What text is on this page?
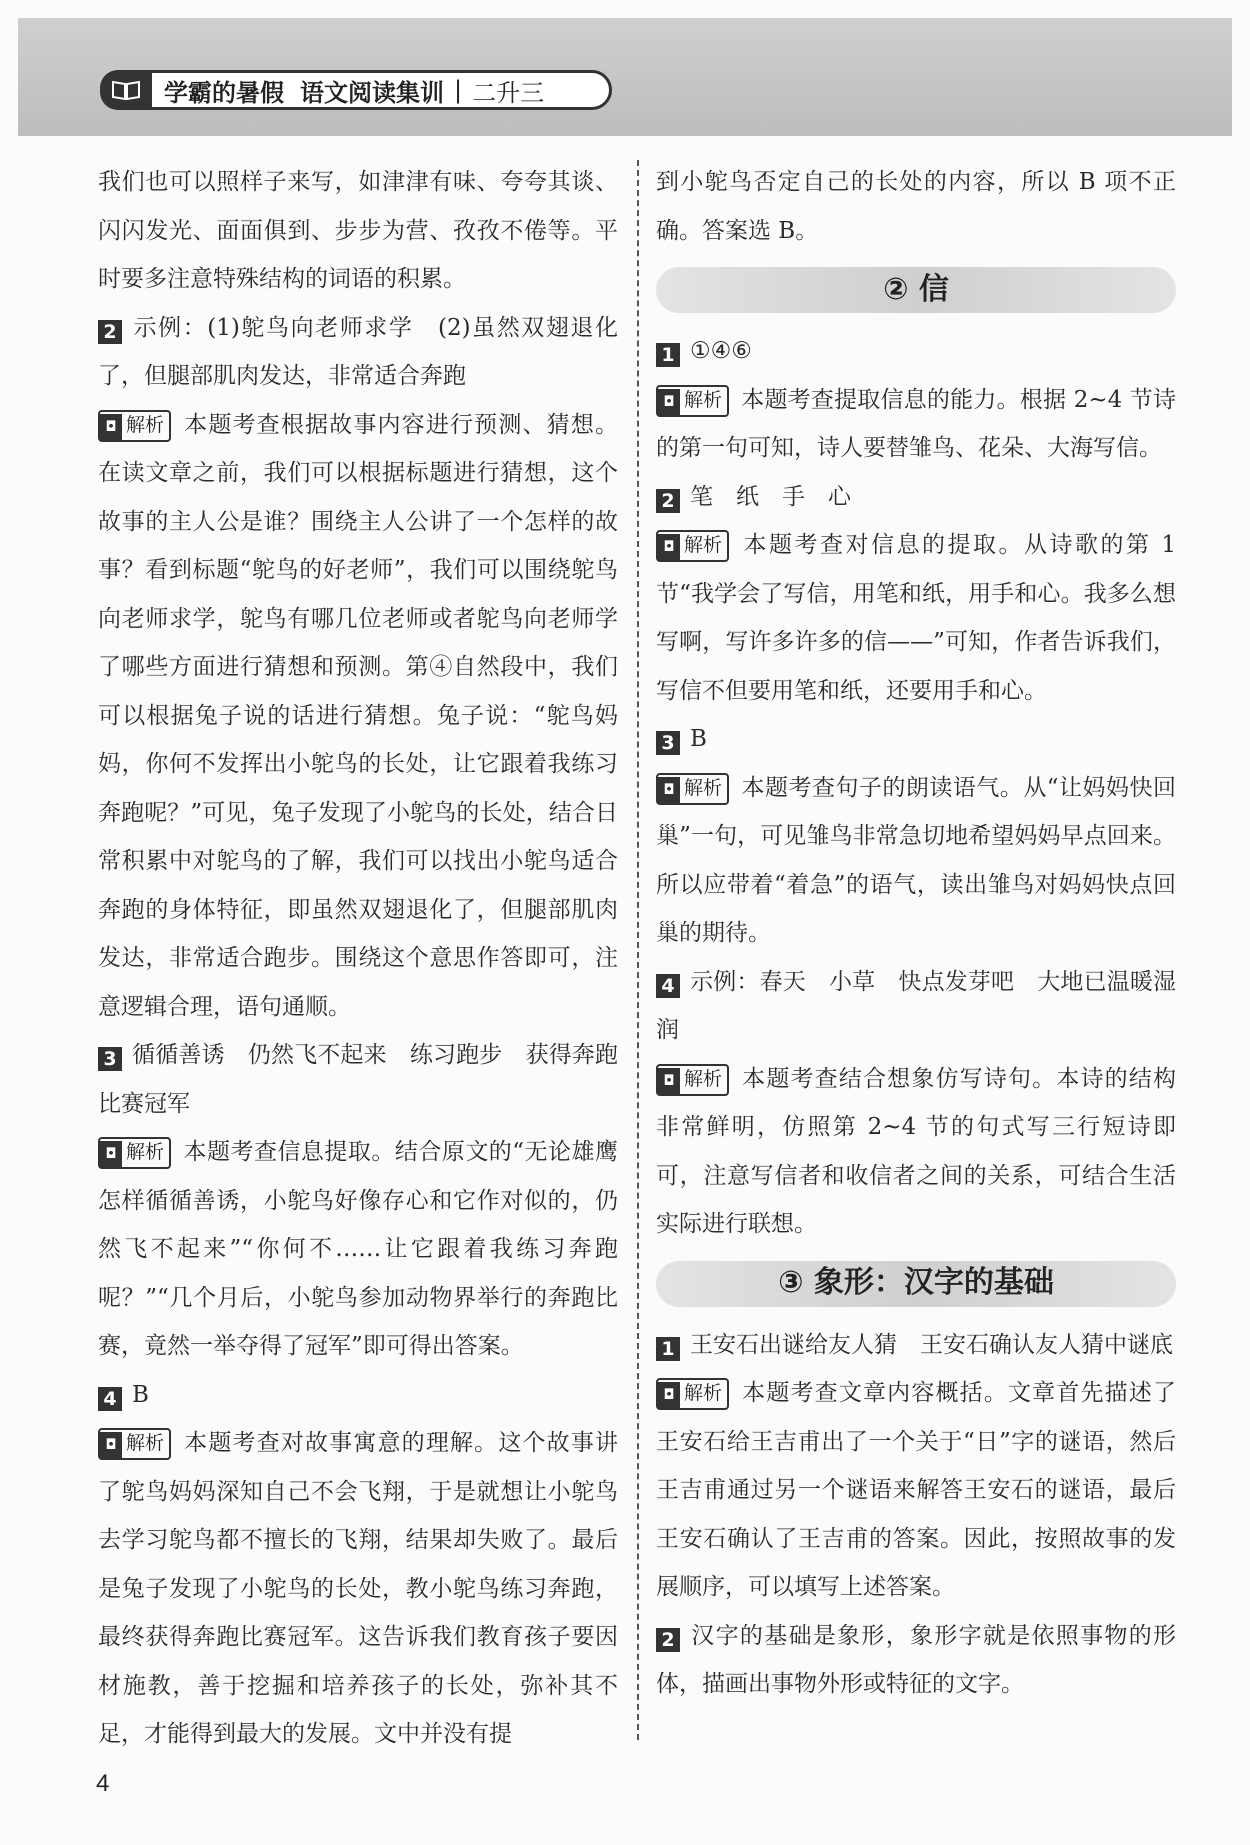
学霸的暑假 语文阅读集训 | 二升三

我们也可以照样子来写，如津津有味、夸夸其谈、闪闪发光、面面俱到、步步为营、孜孜不倦等。平时要多注意特殊结构的词语的积累。

2 示例：(1)鸵鸟向老师求学　(2)虽然双翅退化了，但腿部肌肉发达，非常适合奔跑

◘ 解析 本题考查根据故事内容进行预测、猜想。在读文章之前，我们可以根据标题进行猜想，这个故事的主人公是谁？围绕主人公讲了一个怎样的故事？看到标题“鸵鸟的好老师”，我们可以围绕鸵鸟向老师求学，鸵鸟有哪几位老师或者鸵鸟向老师学了哪些方面进行猜想和预测。第④自然段中，我们可以根据兔子说的话进行猜想。兔子说：“鸵鸟妈妈，你何不发挥出小鸵鸟的长处，让它跟着我练习奔跑呢？”可见，兔子发现了小鸵鸟的长处，结合日常积累中对鸵鸟的了解，我们可以找出小鸵鸟适合奔跑的身体特征，即虽然双翅退化了，但腿部肌肉发达，非常适合跑步。围绕这个意思作答即可，注意逻辑合理，语句通顺。

3 循循善诱　仍然飞不起来　练习跑步　获得奔跑比赛冠军

◘ 解析 本题考查信息提取。结合原文的“无论雄鹰怎样循循善诱，小鸵鸟好像存心和它作对似的，仍然飞不起来”“你何不……让它跟着我练习奔跑呢？”“几个月后，小鸵鸟参加动物界举行的奔跑比赛，竟然一举夺得了冠军”即可得出答案。

4 B

◘ 解析 本题考查对故事寓意的理解。这个故事讲了鸵鸟妈妈深知自己不会飞翔，于是就想让小鸵鸟去学习鸵鸟都不擅长的飞翔，结果却失败了。最后是兔子发现了小鸵鸟的长处，教小鸵鸟练习奔跑，最终获得奔跑比赛冠军。这告诉我们教育孩子要因材施教，善于挖掘和培养孩子的长处，弥补其不足，才能得到最大的发展。文中并没有提

到小鸵鸟否定自己的长处的内容，所以 B 项不正确。答案选 B。

② 信

1 ①④⑥

◘ 解析 本题考查提取信息的能力。根据 2~4 节诗的第一句可知，诗人要替雏鸟、花朵、大海写信。

2 笔　纸　手　心

◘ 解析 本题考查对信息的提取。从诗歌的第 1 节“我学会了写信，用笔和纸，用手和心。我多么想写啊，写许多许多的信——”可知，作者告诉我们，写信不但要用笔和纸，还要用手和心。

3 B

◘ 解析 本题考查句子的朗读语气。从“让妈妈快回巢”一句，可见雏鸟非常急切地希望妈妈早点回来。所以应带着“着急”的语气，读出雏鸟对妈妈快点回巢的期待。

4 示例：春天　小草　快点发芽吧　大地已温暖湿润

◘ 解析 本题考查结合想象仿写诗句。本诗的结构非常鲜明，仿照第 2~4 节的句式写三行短诗即可，注意写信者和收信者之间的关系，可结合生活实际进行联想。

③ 象形：汉字的基础

1 王安石出谜给友人猜　王安石确认友人猜中谜底

◘ 解析 本题考查文章内容概括。文章首先描述了王安石给王吉甫出了一个关于“日”字的谜语，然后王吉甫通过另一个谜语来解答王安石的谜语，最后王安石确认了王吉甫的答案。因此，按照故事的发展顺序，可以填写上述答案。

2 汉字的基础是象形，象形字就是依照事物的形体，描画出事物外形或特征的文字。

4
